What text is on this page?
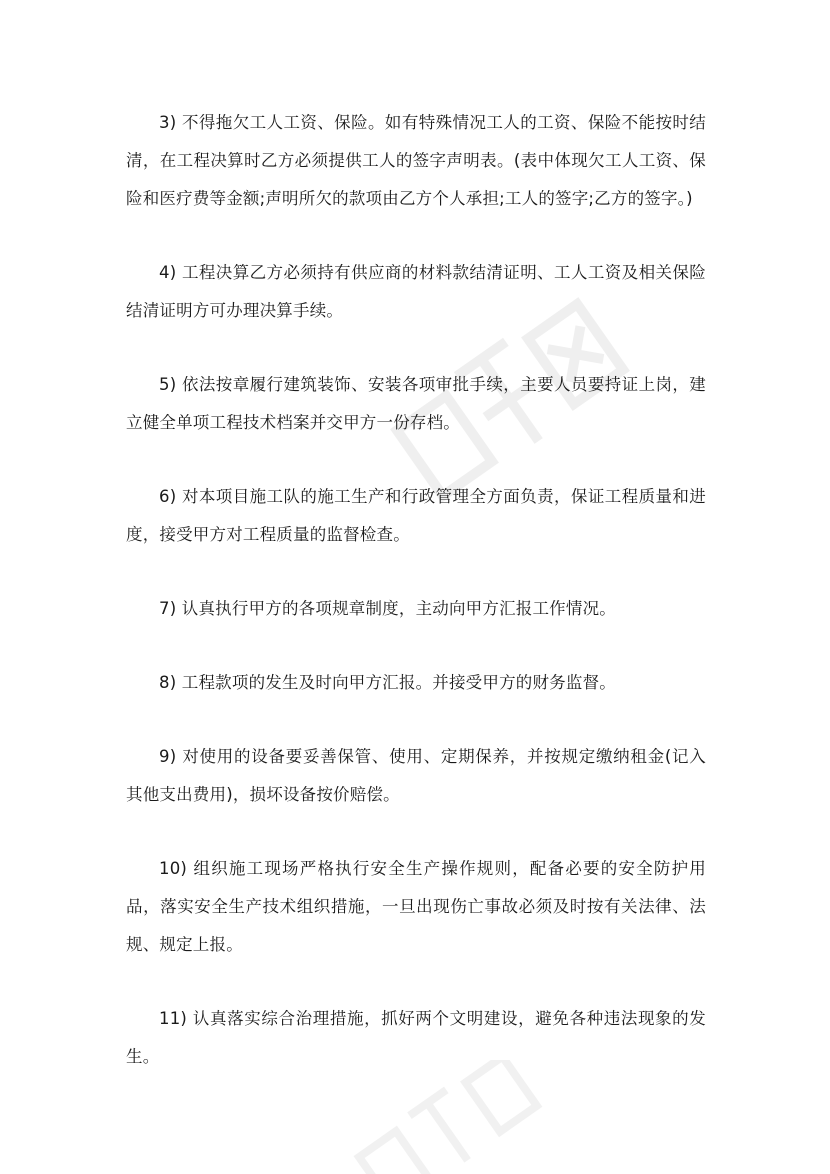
3) 不得拖欠工人工资、保险。如有特殊情况工人的工资、保险不能按时结清，在工程决算时乙方必须提供工人的签字声明表。(表中体现欠工人工资、保险和医疗费等金额;声明所欠的款项由乙方个人承担;工人的签字;乙方的签字。)

4) 工程决算乙方必须持有供应商的材料款结清证明、工人工资及相关保险结清证明方可办理决算手续。

5) 依法按章履行建筑装饰、安装各项审批手续，主要人员要持证上岗，建立健全单项工程技术档案并交甲方一份存档。

6) 对本项目施工队的施工生产和行政管理全方面负责，保证工程质量和进度，接受甲方对工程质量的监督检查。

7) 认真执行甲方的各项规章制度，主动向甲方汇报工作情况。

8) 工程款项的发生及时向甲方汇报。并接受甲方的财务监督。

9) 对使用的设备要妥善保管、使用、定期保养，并按规定缴纳租金(记入其他支出费用)，损坏设备按价赔偿。

10) 组织施工现场严格执行安全生产操作规则，配备必要的安全防护用品，落实安全生产技术组织措施，一旦出现伤亡事故必须及时按有关法律、法规、规定上报。

11) 认真落实综合治理措施，抓好两个文明建设，避免各种违法现象的发生。
